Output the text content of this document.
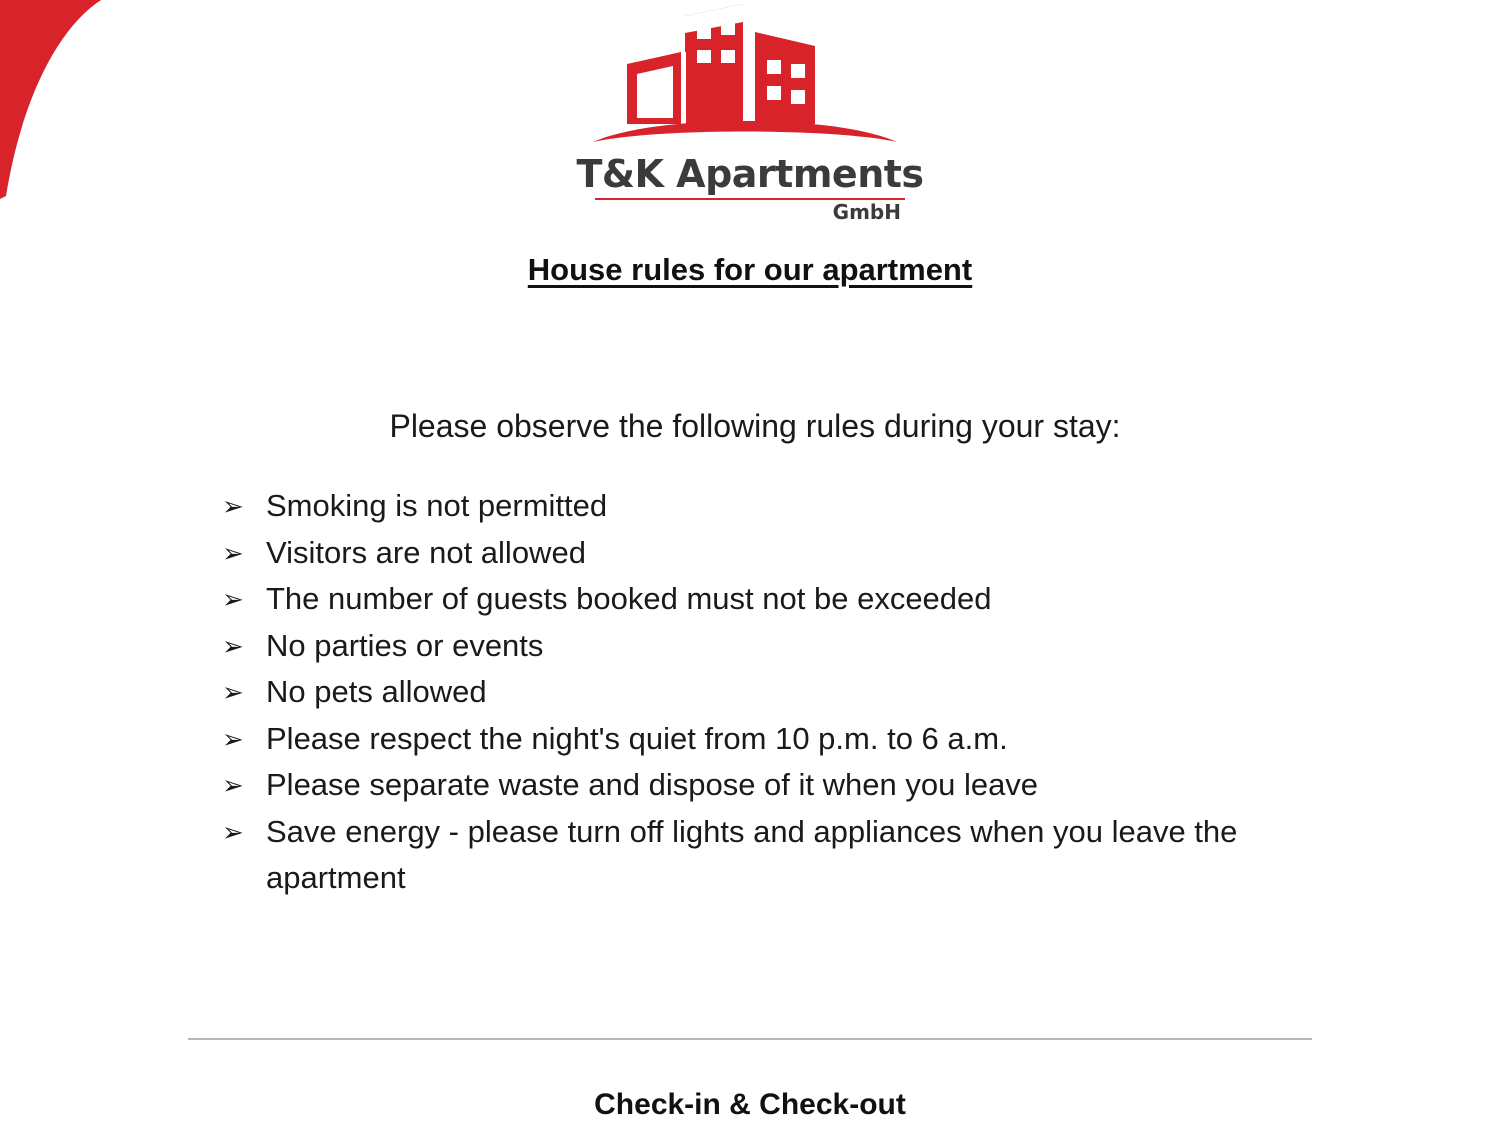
T&K Apartments
GmbH
House rules for our apartment
Please observe the following rules during your stay:
➢ Smoking is not permitted
➢ Visitors are not allowed
➢ The number of guests booked must not be exceeded
➢ No parties or events
➢ No pets allowed
➢ Please respect the night's quiet from 10 p.m. to 6 a.m.
➢ Please separate waste and dispose of it when you leave
➢ Save energy - please turn off lights and appliances when you leave the apartment
Check-in & Check-out
